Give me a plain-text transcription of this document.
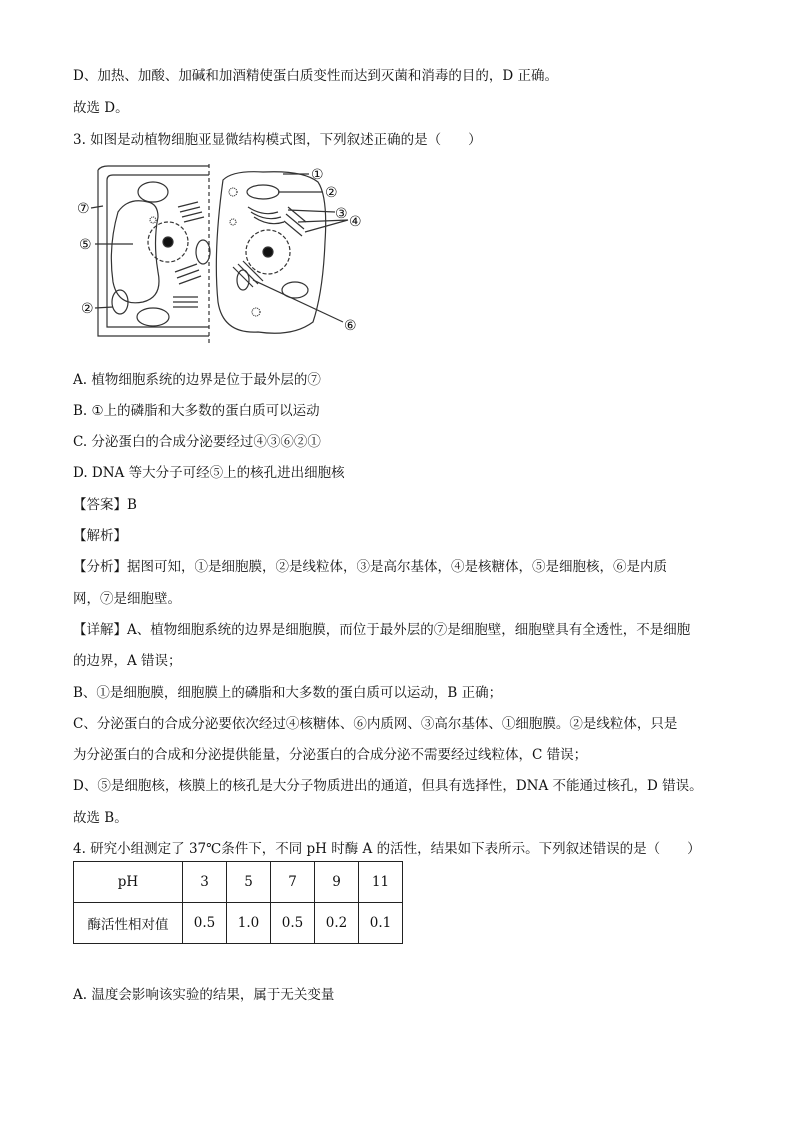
D、加热、加酸、加碱和加酒精使蛋白质变性而达到灭菌和消毒的目的，D 正确。
故选 D。
3. 如图是动植物细胞亚显微结构模式图，下列叙述正确的是（　　）
①
②
③ ④
⑦
⑤
②
⑥
A. 植物细胞系统的边界是位于最外层的⑦
B. ①上的磷脂和大多数的蛋白质可以运动
C. 分泌蛋白的合成分泌要经过④③⑥②①
D. DNA 等大分子可经⑤上的核孔进出细胞核
【答案】B
【解析】
【分析】据图可知，①是细胞膜，②是线粒体，③是高尔基体，④是核糖体，⑤是细胞核，⑥是内质
网，⑦是细胞壁。
【详解】A、植物细胞系统的边界是细胞膜，而位于最外层的⑦是细胞壁，细胞壁具有全透性，不是细胞
的边界，A 错误；
B、①是细胞膜，细胞膜上的磷脂和大多数的蛋白质可以运动，B 正确；
C、分泌蛋白的合成分泌要依次经过④核糖体、⑥内质网、③高尔基体、①细胞膜。②是线粒体，只是
为分泌蛋白的合成和分泌提供能量，分泌蛋白的合成分泌不需要经过线粒体，C 错误；
D、⑤是细胞核，核膜上的核孔是大分子物质进出的通道，但具有选择性，DNA 不能通过核孔，D 错误。
故选 B。
4. 研究小组测定了 37℃条件下，不同 pH 时酶 A 的活性，结果如下表所示。下列叙述错误的是（　　）
pH	3	5	7	9	11
酶活性相对值	0.5	1.0	0.5	0.2	0.1
A. 温度会影响该实验的结果，属于无关变量
